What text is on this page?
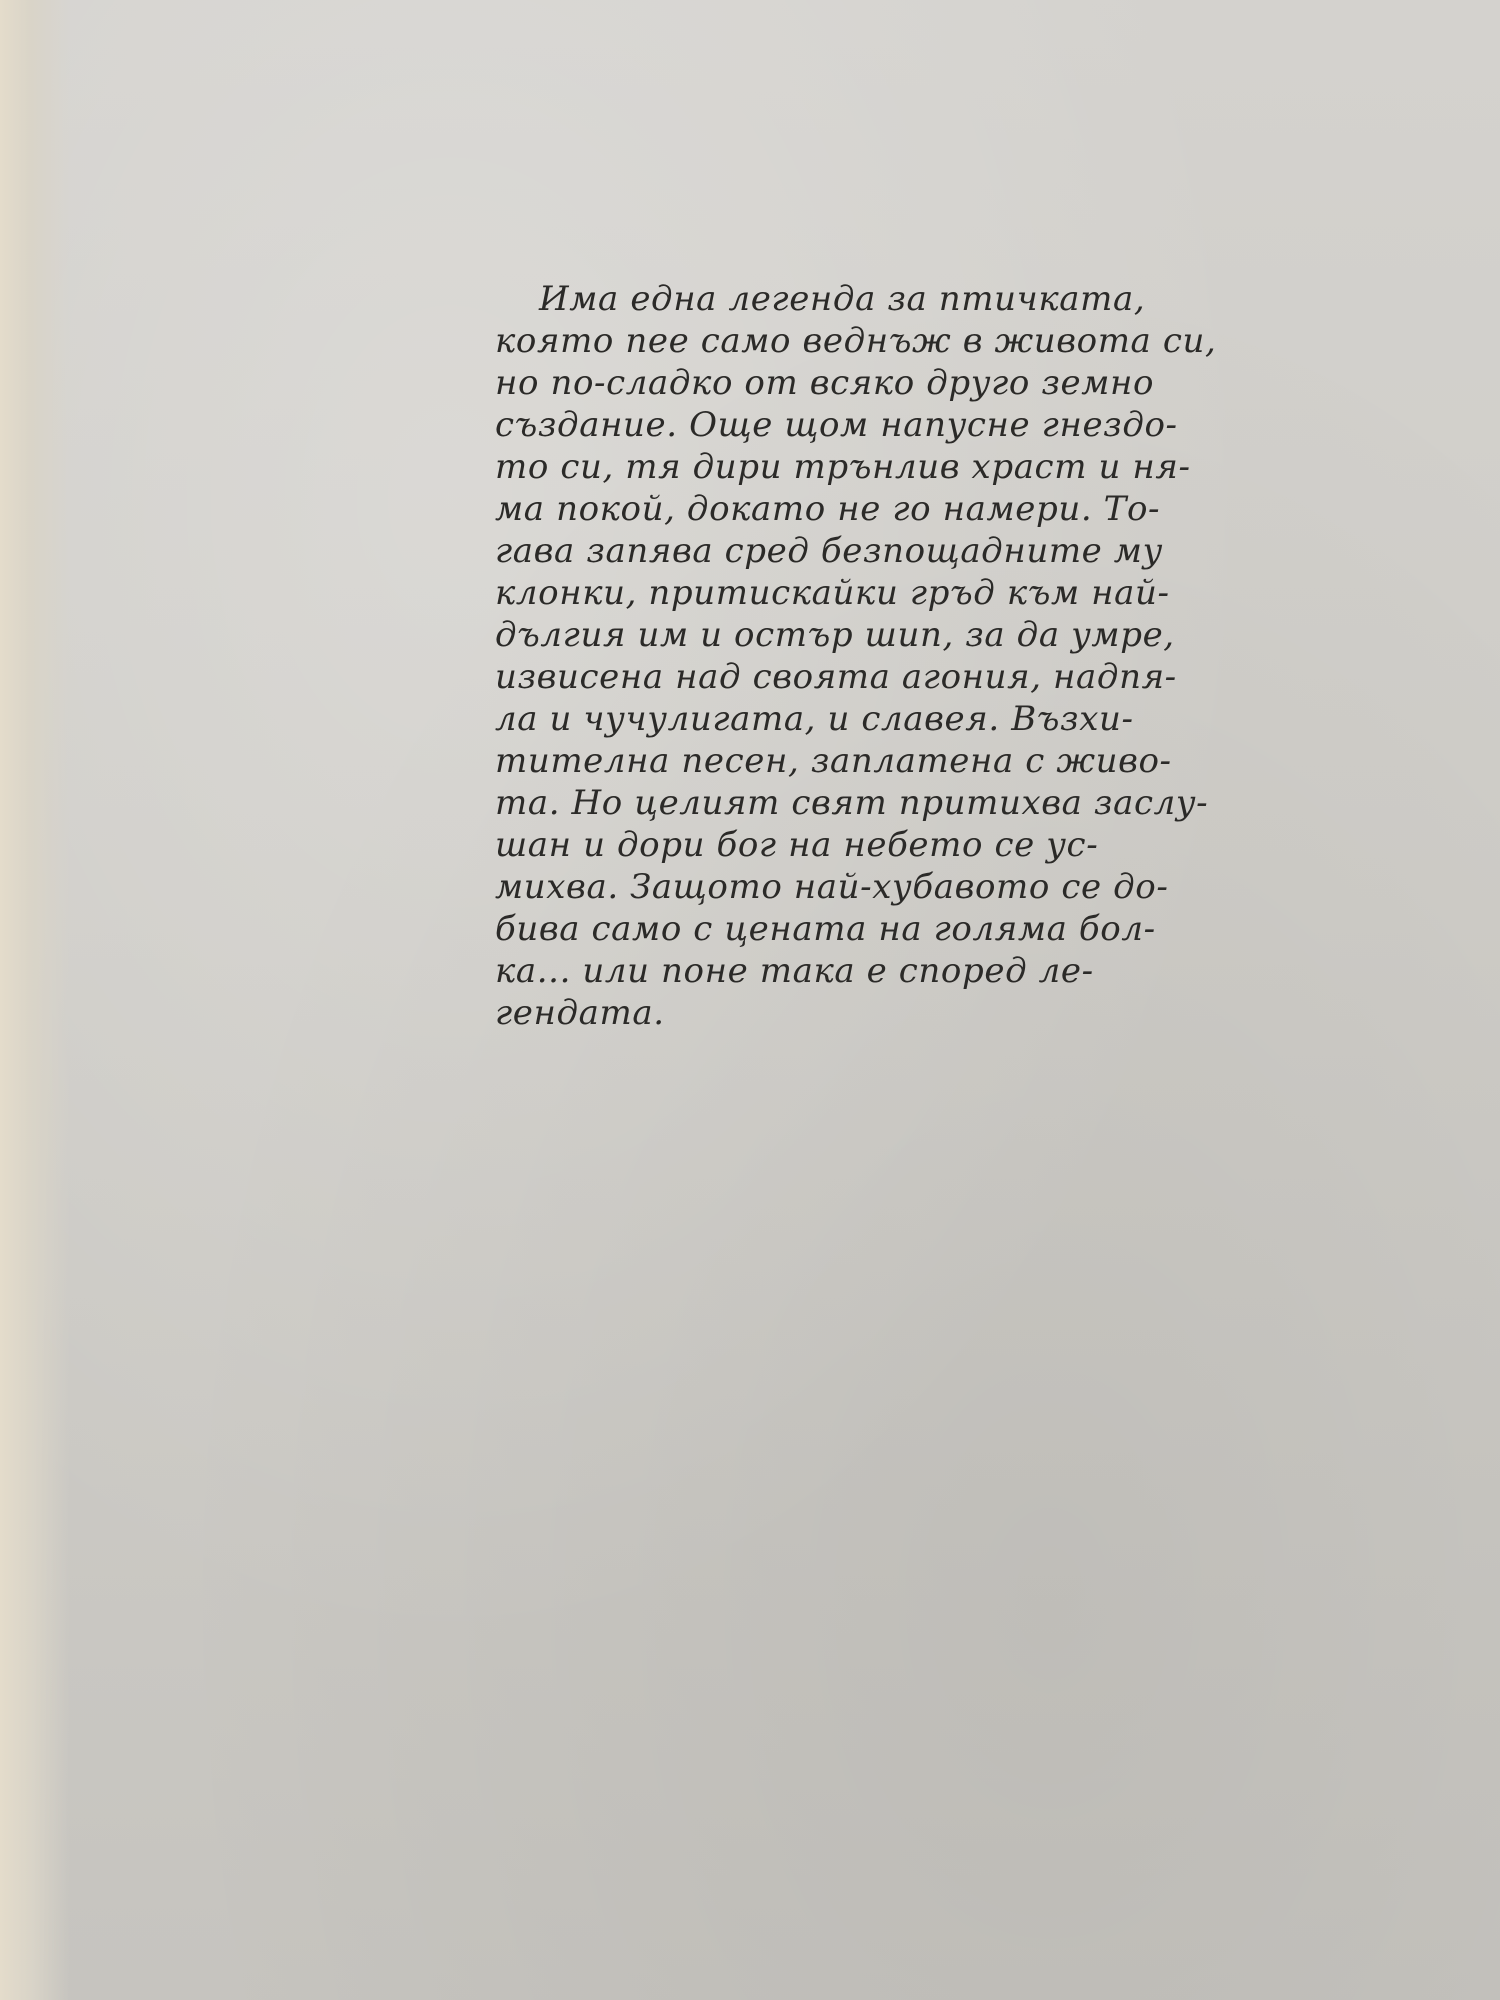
Има една легенда за птичката,
която пее само веднъж в живота си,
но по-сладко от всяко друго земно
създание. Още щом напусне гнездо-
то си, тя дири трънлив храст и ня-
ма покой, докато не го намери. То-
гава запява сред безпощадните му
клонки, притискайки гръд към най-
дългия им и остър шип, за да умре,
извисена над своята агония, надпя-
ла и чучулигата, и славея. Възхи-
тителна песен, заплатена с живо-
та. Но целият свят притихва заслу-
шан и дори бог на небето се ус-
михва. Защото най-хубавото се до-
бива само с цената на голяма бол-
ка... или поне така е според ле-
гендата.
